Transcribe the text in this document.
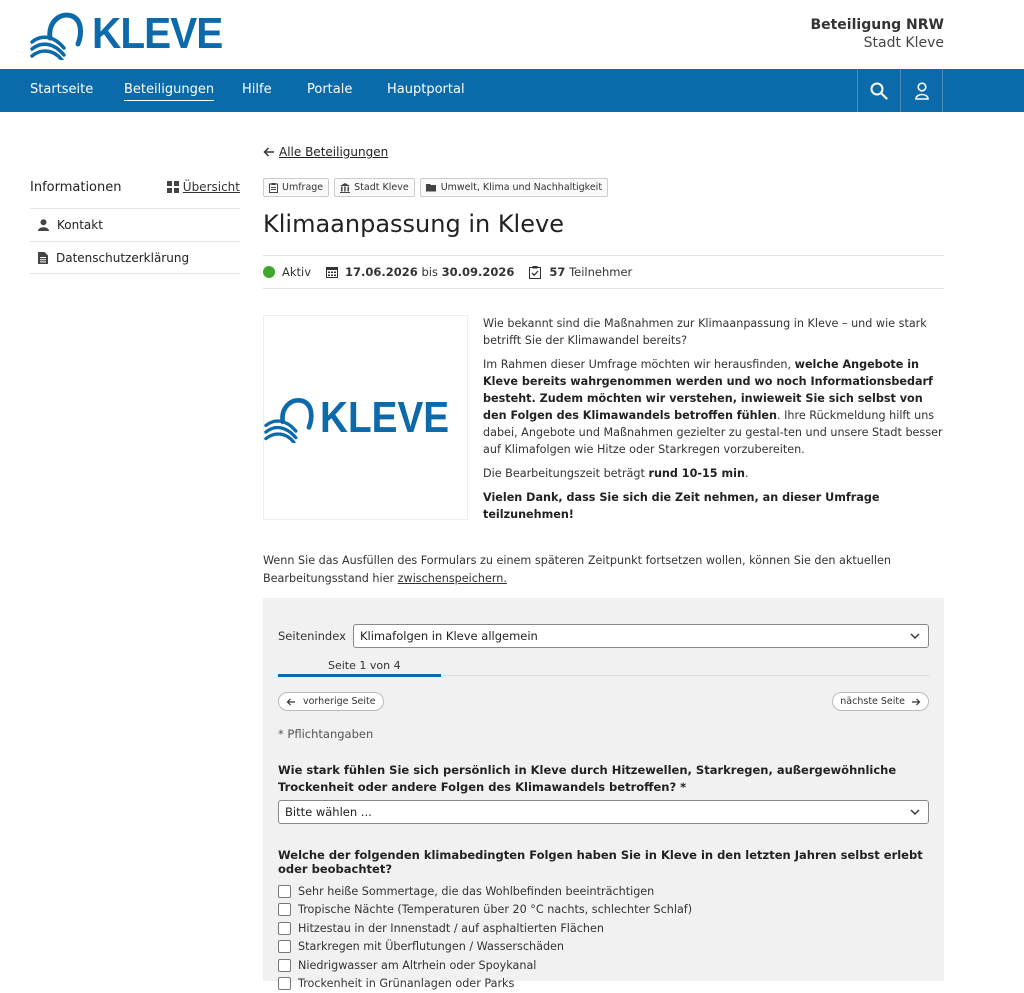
KLEVE	Beteiligung NRW
Stadt Kleve
Startseite Beteiligungen Hilfe	Portale	Hauptportal
Informationen	Übersicht
Kontakt
Datenschutzerklärung
Alle Beteiligungen
Umfrage	Stadt Kleve	Umwelt, Klima und Nachhaltigkeit
Klimaanpassung in Kleve
Aktiv	17.06.2026
bis
30.09.2026	57
Teilnehmer
KLEVE

Wie bekannt sind die Maßnahmen zur Klimaanpassung in Kleve – und wie stark betrifft Sie der Klimawandel bereits?

Im Rahmen dieser Umfrage möchten wir herausfinden, welche Angebote in Kleve bereits wahrgenommen werden und wo noch Informationsbedarf besteht. Zudem möchten wir verstehen, inwieweit Sie sich selbst von den Folgen des Klimawandels betroffen fühlen. Ihre Rückmeldung hilft uns dabei, Angebote und Maßnahmen gezielter zu gestal-ten und unsere Stadt besser auf Klimafolgen wie Hitze oder Starkregen vorzubereiten.

Die Bearbeitungszeit beträgt rund 10-15 min.

Vielen Dank, dass Sie sich die Zeit nehmen, an dieser Umfrage teilzunehmen!

Wenn Sie das Ausfüllen des Formulars zu einem späteren Zeitpunkt fortsetzen wollen, können Sie den aktuellen Bearbeitungsstand hier zwischenspeichern.
Seitenindex	Klimafolgen in Kleve allgemein
Seite 1 von 4
vorherige Seite	nächste Seite
* Pflichtangaben
Wie stark fühlen Sie sich persönlich in Kleve durch Hitzewellen, Starkregen, außergewöhnliche Trockenheit oder andere Folgen des Klimawandels betroffen? *
Bitte wählen ...
Welche der folgenden klimabedingten Folgen haben Sie in Kleve in den letzten Jahren selbst erlebt oder beobachtet?
Sehr heiße Sommertage, die das Wohlbefinden beeinträchtigen
Tropische Nächte (Temperaturen über 20 °C nachts, schlechter Schlaf)
Hitzestau in der Innenstadt / auf asphaltierten Flächen
Starkregen mit Überflutungen / Wasserschäden
Niedrigwasser am Altrhein oder Spoykanal
Trockenheit in Grünanlagen oder Parks
